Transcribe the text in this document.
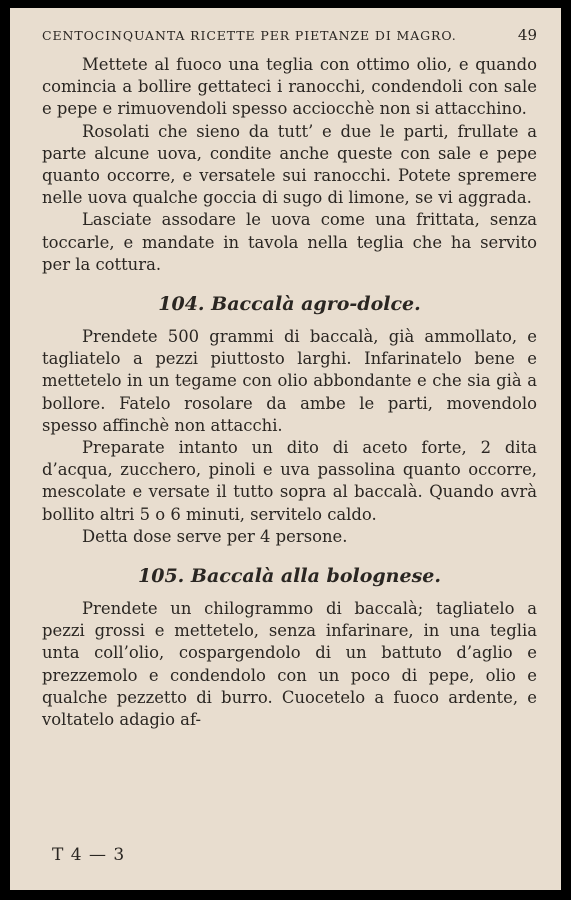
CENTOCINQUANTA RICETTE PER PIETANZE DI MAGRO.	49

Mettete al fuoco una teglia con ottimo olio, e quando comincia a bollire gettateci i ranocchi, condendoli con sale e pepe e rimuovendoli spesso acciocchè non si attacchino.

Rosolati che sieno da tutt’ e due le parti, frullate a parte alcune uova, condite anche queste con sale e pepe quanto occorre, e versatele sui ranocchi. Potete spremere nelle uova qualche goccia di sugo di limone, se vi aggrada.

Lasciate assodare le uova come una frittata, senza toccarle, e mandate in tavola nella teglia che ha servito per la cottura.

104. Baccalà agro-dolce.

Prendete 500 grammi di baccalà, già ammollato, e tagliatelo a pezzi piuttosto larghi. Infarinatelo bene e mettetelo in un tegame con olio abbondante e che sia già a bollore. Fatelo rosolare da ambe le parti, movendolo spesso affinchè non attacchi.

Preparate intanto un dito di aceto forte, 2 dita d’acqua, zucchero, pinoli e uva passolina quanto occorre, mescolate e versate il tutto sopra al baccalà. Quando avrà bollito altri 5 o 6 minuti, servitelo caldo.

Detta dose serve per 4 persone.

105. Baccalà alla bolognese.

Prendete un chilogrammo di baccalà; tagliatelo a pezzi grossi e mettetelo, senza infarinare, in una teglia unta coll’olio, cospargendolo di un battuto d’aglio e prezzemolo e condendolo con un poco di pepe, olio e qualche pezzetto di burro. Cuocetelo a fuoco ardente, e voltatelo adagio af-

T 4 — 3
